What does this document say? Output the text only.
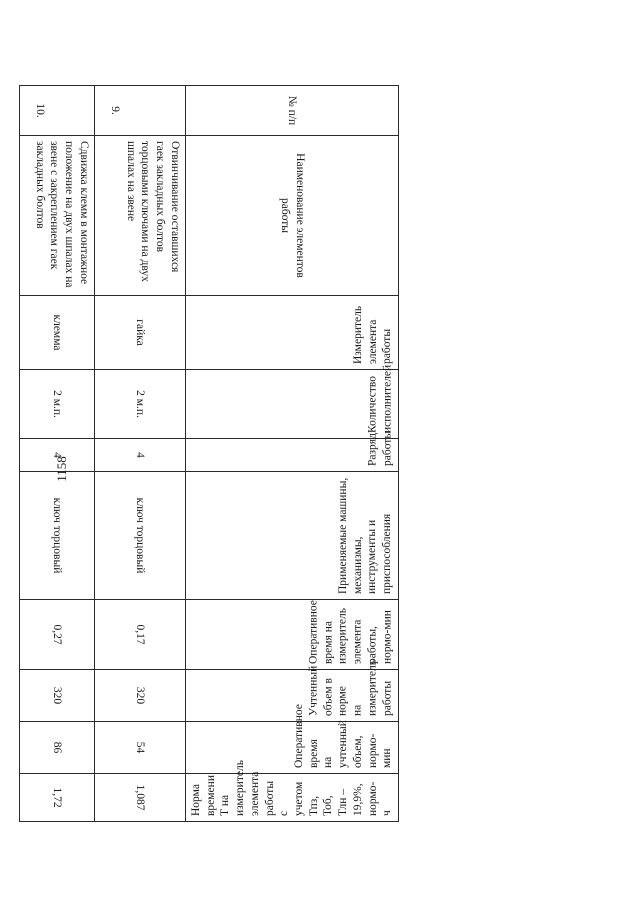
1158
№ п/п	Наименование элементов работы	Измеритель элемента работы	Количество исполнителей	Разряд работы	Применяемые машины, механизмы, инструменты и приспособления	Оперативное время на измеритель элемента работы, нормо-мин	Учтенный объем в норме на измеритель работы	Оперативное время на учтенный объем, нормо-мин	Норма времени Т на измеритель элемента работы с учетом Тпз, Тоб, Тлн – 19,9%, нормо-ч

9.	Отвинчивание оставшихся гаек закладных болтов торцовыми ключами на двух шпалах на звене	гайка	2 м.п.	4	ключ торцовый	0,17	320	54	1,087
10.	Сдвижка клемм в монтажное положение на двух шпалах на звене с закреплением гаек закладных болтов	клемма	2 м.п.	4	ключ торцовый	0,27	320	86	1,72
